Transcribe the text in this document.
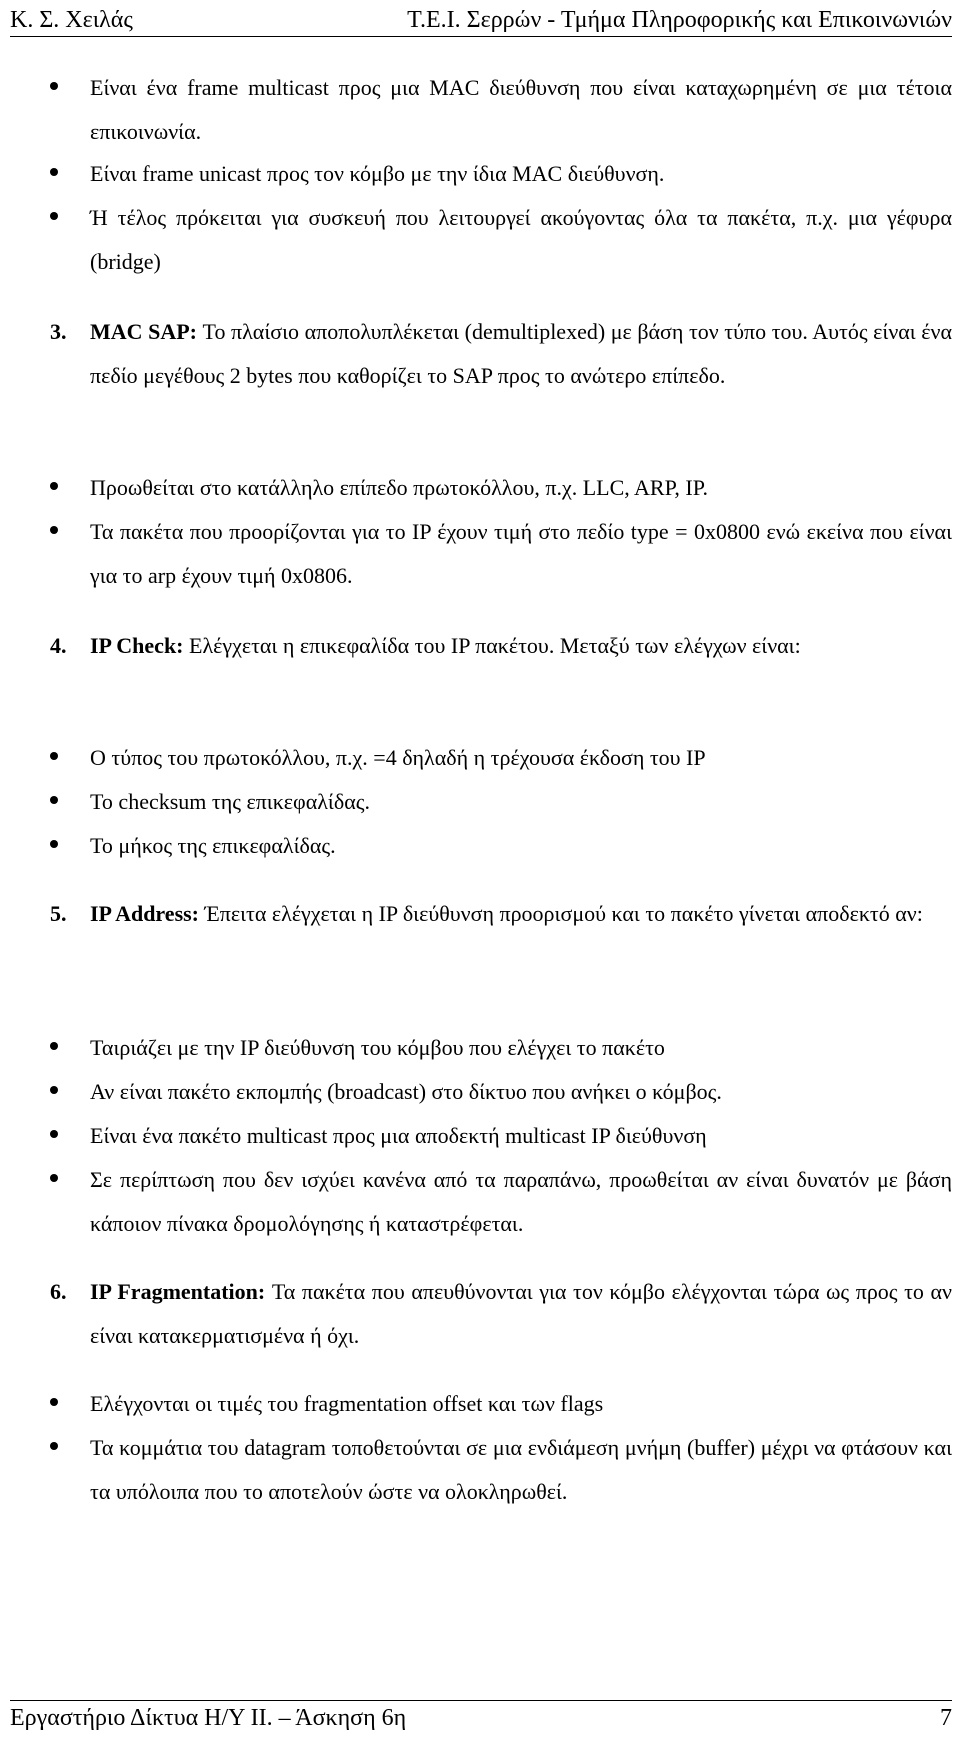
Κ. Σ. Χειλάς	Τ.Ε.Ι. Σερρών - Τμήμα Πληροφορικής και Επικοινωνιών
Είναι ένα frame multicast προς μια MAC διεύθυνση που είναι καταχωρημένη σε μια τέτοια επικοινωνία.
Είναι frame unicast προς τον κόμβο με την ίδια MAC διεύθυνση.
Ή τέλος πρόκειται για συσκευή που λειτουργεί ακούγοντας όλα τα πακέτα, π.χ. μια γέφυρα (bridge)
3.	MAC SAP: Το πλαίσιο αποπολυπλέκεται (demultiplexed) με βάση τον τύπο του. Αυτός είναι ένα πεδίο μεγέθους 2 bytes που καθορίζει το SAP προς το ανώτερο επίπεδο.
Προωθείται στο κατάλληλο επίπεδο πρωτοκόλλου, π.χ. LLC, ARP, IP.
Τα πακέτα που προορίζονται για το IP έχουν τιμή στο πεδίο type = 0x0800 ενώ εκείνα που είναι για το arp έχουν τιμή 0x0806.
4.	IP Check: Ελέγχεται η επικεφαλίδα του IP πακέτου. Μεταξύ των ελέγχων είναι:
Ο τύπος του πρωτοκόλλου, π.χ. =4 δηλαδή η τρέχουσα έκδοση του IP
Το checksum της επικεφαλίδας.
Το μήκος της επικεφαλίδας.
5.	IP Address: Έπειτα ελέγχεται η IP διεύθυνση προορισμού και το πακέτο γίνεται αποδεκτό αν:
Ταιριάζει με την IP διεύθυνση του κόμβου που ελέγχει το πακέτο
Αν είναι πακέτο εκπομπής (broadcast) στο δίκτυο που ανήκει ο κόμβος.
Είναι ένα πακέτο multicast προς μια αποδεκτή multicast IP διεύθυνση
Σε περίπτωση που δεν ισχύει κανένα από τα παραπάνω, προωθείται αν είναι δυνατόν με βάση κάποιον πίνακα δρομολόγησης ή καταστρέφεται.
6.	IP Fragmentation: Τα πακέτα που απευθύνονται για τον κόμβο ελέγχονται τώρα ως προς το αν είναι κατακερματισμένα ή όχι.
Ελέγχονται οι τιμές του fragmentation offset και των flags
Τα κομμάτια του datagram τοποθετούνται σε μια ενδιάμεση μνήμη (buffer) μέχρι να φτάσουν και τα υπόλοιπα που το αποτελούν ώστε να ολοκληρωθεί.
Εργαστήριο Δίκτυα Η/Υ ΙΙ. – Άσκηση 6η	7
